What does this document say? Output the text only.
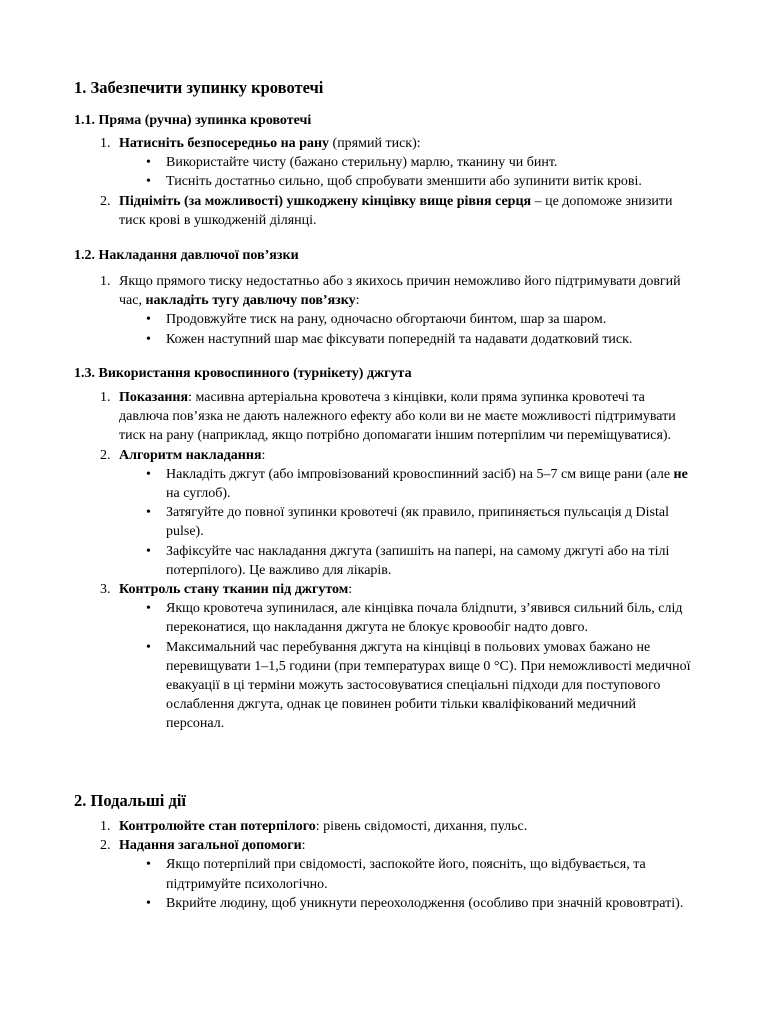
1. Забезпечити зупинку кровотечі
1.1. Пряма (ручна) зупинка кровотечі
1. Натисніть безпосередньо на рану (прямий тиск):
• Використайте чисту (бажано стерильну) марлю, тканину чи бинт.
• Тисніть достатньо сильно, щоб спробувати зменшити або зупинити витік крові.
2. Підніміть (за можливості) ушкоджену кінцівку вище рівня серця – це допоможе знизити тиск крові в ушкодженій ділянці.
1.2. Накладання давлючої пов’язки
1. Якщо прямого тиску недостатньо або з якихось причин неможливо його підтримувати довгий час, накладіть тугу давлючу пов’язку:
• Продовжуйте тиск на рану, одночасно обгортаючи бинтом, шар за шаром.
• Кожен наступний шар має фіксувати попередній та надавати додатковий тиск.
1.3. Використання кровоспинного (турнікету) джгута
1. Показання: масивна артеріальна кровотеча з кінцівки, коли пряма зупинка кровотечі та давлюча пов’язка не дають належного ефекту або коли ви не маєте можливості підтримувати тиск на рану (наприклад, якщо потрібно допомагати іншим потерпілим чи переміщуватися).
2. Алгоритм накладання:
• Накладіть джгут (або імпровізований кровоспинний засіб) на 5–7 см вище рани (але не на суглоб).
• Затягуйте до повної зупинки кровотечі (як правило, припиняється пульсація д Distal pulse).
• Зафіксуйте час накладання джгута (запишіть на папері, на самому джгуті або на тілі потерпілого). Це важливо для лікарів.
3. Контроль стану тканин під джгутом:
• Якщо кровотеча зупинилася, але кінцівка почала блідnuти, з’явився сильний біль, слід переконатися, що накладання джгута не блокує кровообіг надто довго.
• Максимальний час перебування джгута на кінцівці в польових умовах бажано не перевищувати 1–1,5 години (при температурах вище 0 °C). При неможливості медичної евакуації в ці терміни можуть застосовуватися спеціальні підходи для поступового ослаблення джгута, однак це повинен робити тільки кваліфікований медичний персонал.
2. Подальші дії
1. Контролюйте стан потерпілого: рівень свідомості, дихання, пульс.
2. Надання загальної допомоги:
• Якщо потерпілий при свідомості, заспокойте його, поясніть, що відбувається, та підтримуйте психологічно.
• Вкрийте людину, щоб уникнути переохолодження (особливо при значній крововтраті).
